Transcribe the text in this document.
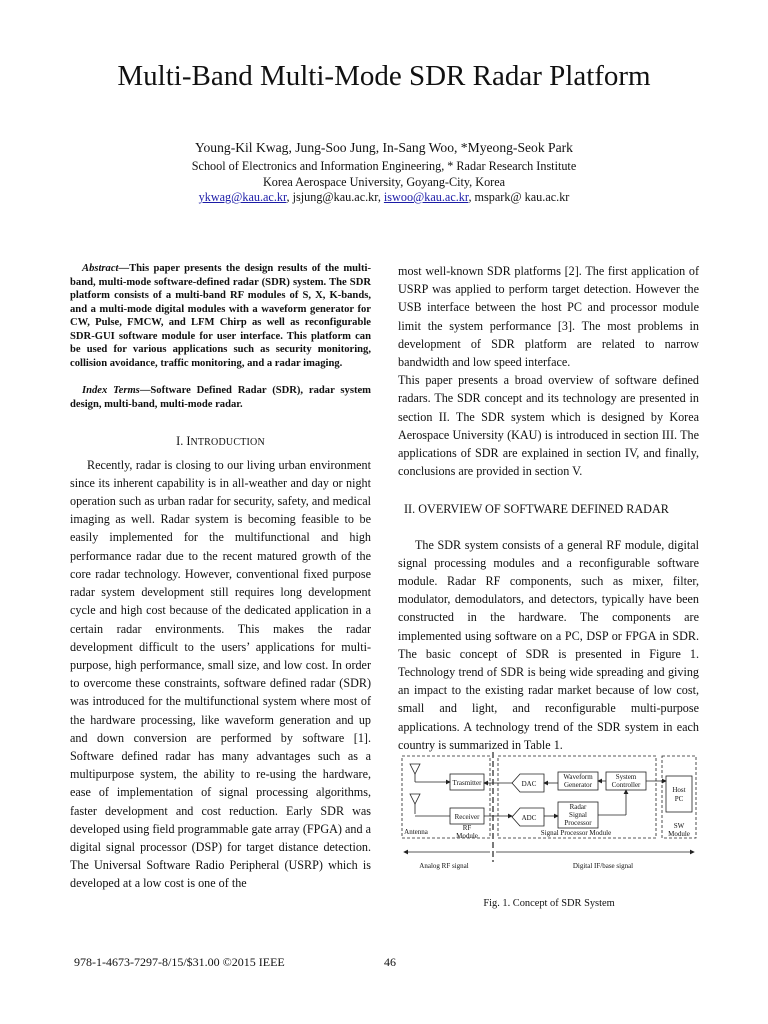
Multi-Band Multi-Mode SDR Radar Platform
Young-Kil Kwag, Jung-Soo Jung, In-Sang Woo, *Myeong-Seok Park
School of Electronics and Information Engineering, * Radar Research Institute
Korea Aerospace University, Goyang-City, Korea
ykwag@kau.ac.kr, jsjung@kau.ac.kr, iswoo@kau.ac.kr, mspark@ kau.ac.kr
Abstract—This paper presents the design results of the multi-band, multi-mode software-defined radar (SDR) system. The SDR platform consists of a multi-band RF modules of S, X, K-bands, and a multi-mode digital modules with a waveform generator for CW, Pulse, FMCW, and LFM Chirp as well as reconfigurable SDR-GUI software module for user interface. This platform can be used for various applications such as security monitoring, collision avoidance, traffic monitoring, and a radar imaging.
Index Terms—Software Defined Radar (SDR), radar system design, multi-band, multi-mode radar.
I. INTRODUCTION

Recently, radar is closing to our living urban environment since its inherent capability is in all-weather and day or night operation such as urban radar for security, safety, and medical imaging as well. Radar system is becoming feasible to be easily implemented for the multifunctional and high performance radar due to the recent matured growth of the core radar technology. However, conventional fixed purpose radar system development still requires long development cycle and high cost because of the dedicated application in a certain radar environments. This makes the radar development difficult to the users’ applications for multi-purpose, high performance, small size, and low cost. In order to overcome these constraints, software defined radar (SDR) was introduced for the multifunctional system where most of the hardware processing, like waveform generation and up and down conversion are performed by software [1]. Software defined radar has many advantages such as a multipurpose system, the ability to re-using the hardware, ease of implementation of signal processing algorithms, faster development and cost reduction. Early SDR was developed using field programmable gate array (FPGA) and a digital signal processor (DSP) for target distance detection. The Universal Software Radio Peripheral (USRP) which is developed at a low cost is one of the

most well-known SDR platforms [2]. The first application of USRP was applied to perform target detection. However the USB interface between the host PC and processor module limit the system performance [3]. The most problems in development of SDR platform are related to narrow bandwidth and low speed interface.

This paper presents a broad overview of software defined radars. The SDR concept and its technology are presented in section II. The SDR system which is designed by Korea Aerospace University (KAU) is introduced in section III. The applications of SDR are explained in section IV, and finally, conclusions are provided in section V.

II. OVERVIEW OF SOFTWARE DEFINED RADAR

The SDR system consists of a general RF module, digital signal processing modules and a reconfigurable software module. Radar RF components, such as mixer, filter, modulator, demodulators, and detectors, typically have been constructed in the hardware. The components are implemented using software on a PC, DSP or FPGA in SDR. The basic concept of SDR is presented in Figure 1. Technology trend of SDR is being wide spreading and giving an impact to the existing radar market because of low cost, small and light, and reconfigurable multi-purpose applications. A technology trend of the SDR system in each country is summarized in Table 1.

Trasmitter
Receiver
DAC
ADC
Waveform
Generator
System
Controller
Radar
Signal
Processor
Host
PC
RF
Module
Antenna	Signal Processor Module
SW
Module
Analog RF signal	Digital IF/base signal
Fig. 1. Concept of SDR System
978-1-4673-7297-8/15/$31.00 ©2015 IEEE	46
